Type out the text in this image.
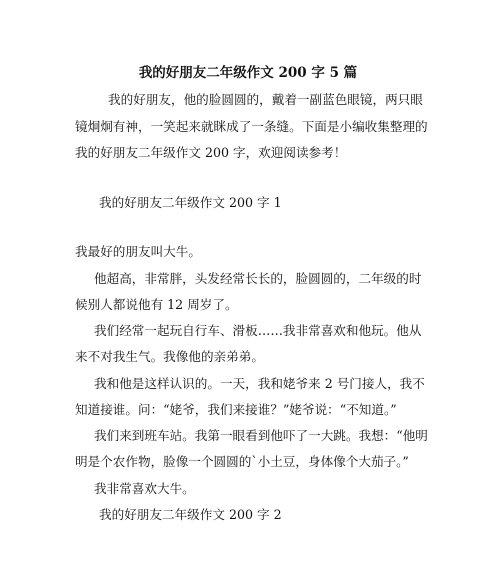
我的好朋友二年级作文 200 字 5 篇
我的好朋友，他的脸圆圆的，戴着一副蓝色眼镜，两只眼
镜炯炯有神，一笑起来就眯成了一条缝。下面是小编收集整理的
我的好朋友二年级作文 200 字，欢迎阅读参考！
我的好朋友二年级作文 200 字 1
我最好的朋友叫大牛。
他超高，非常胖，头发经常长长的，脸圆圆的，二年级的时
候别人都说他有 12 周岁了。
我们经常一起玩自行车、滑板……我非常喜欢和他玩。他从
来不对我生气。我像他的亲弟弟。
我和他是这样认识的。一天，我和姥爷来 2 号门接人，我不
知道接谁。问：“姥爷，我们来接谁？”姥爷说：“不知道。”
我们来到班车站。我第一眼看到他吓了一大跳。我想：“他明
明是个农作物，脸像一个圆圆的`小土豆，身体像个大茄子。”
我非常喜欢大牛。
我的好朋友二年级作文 200 字 2
